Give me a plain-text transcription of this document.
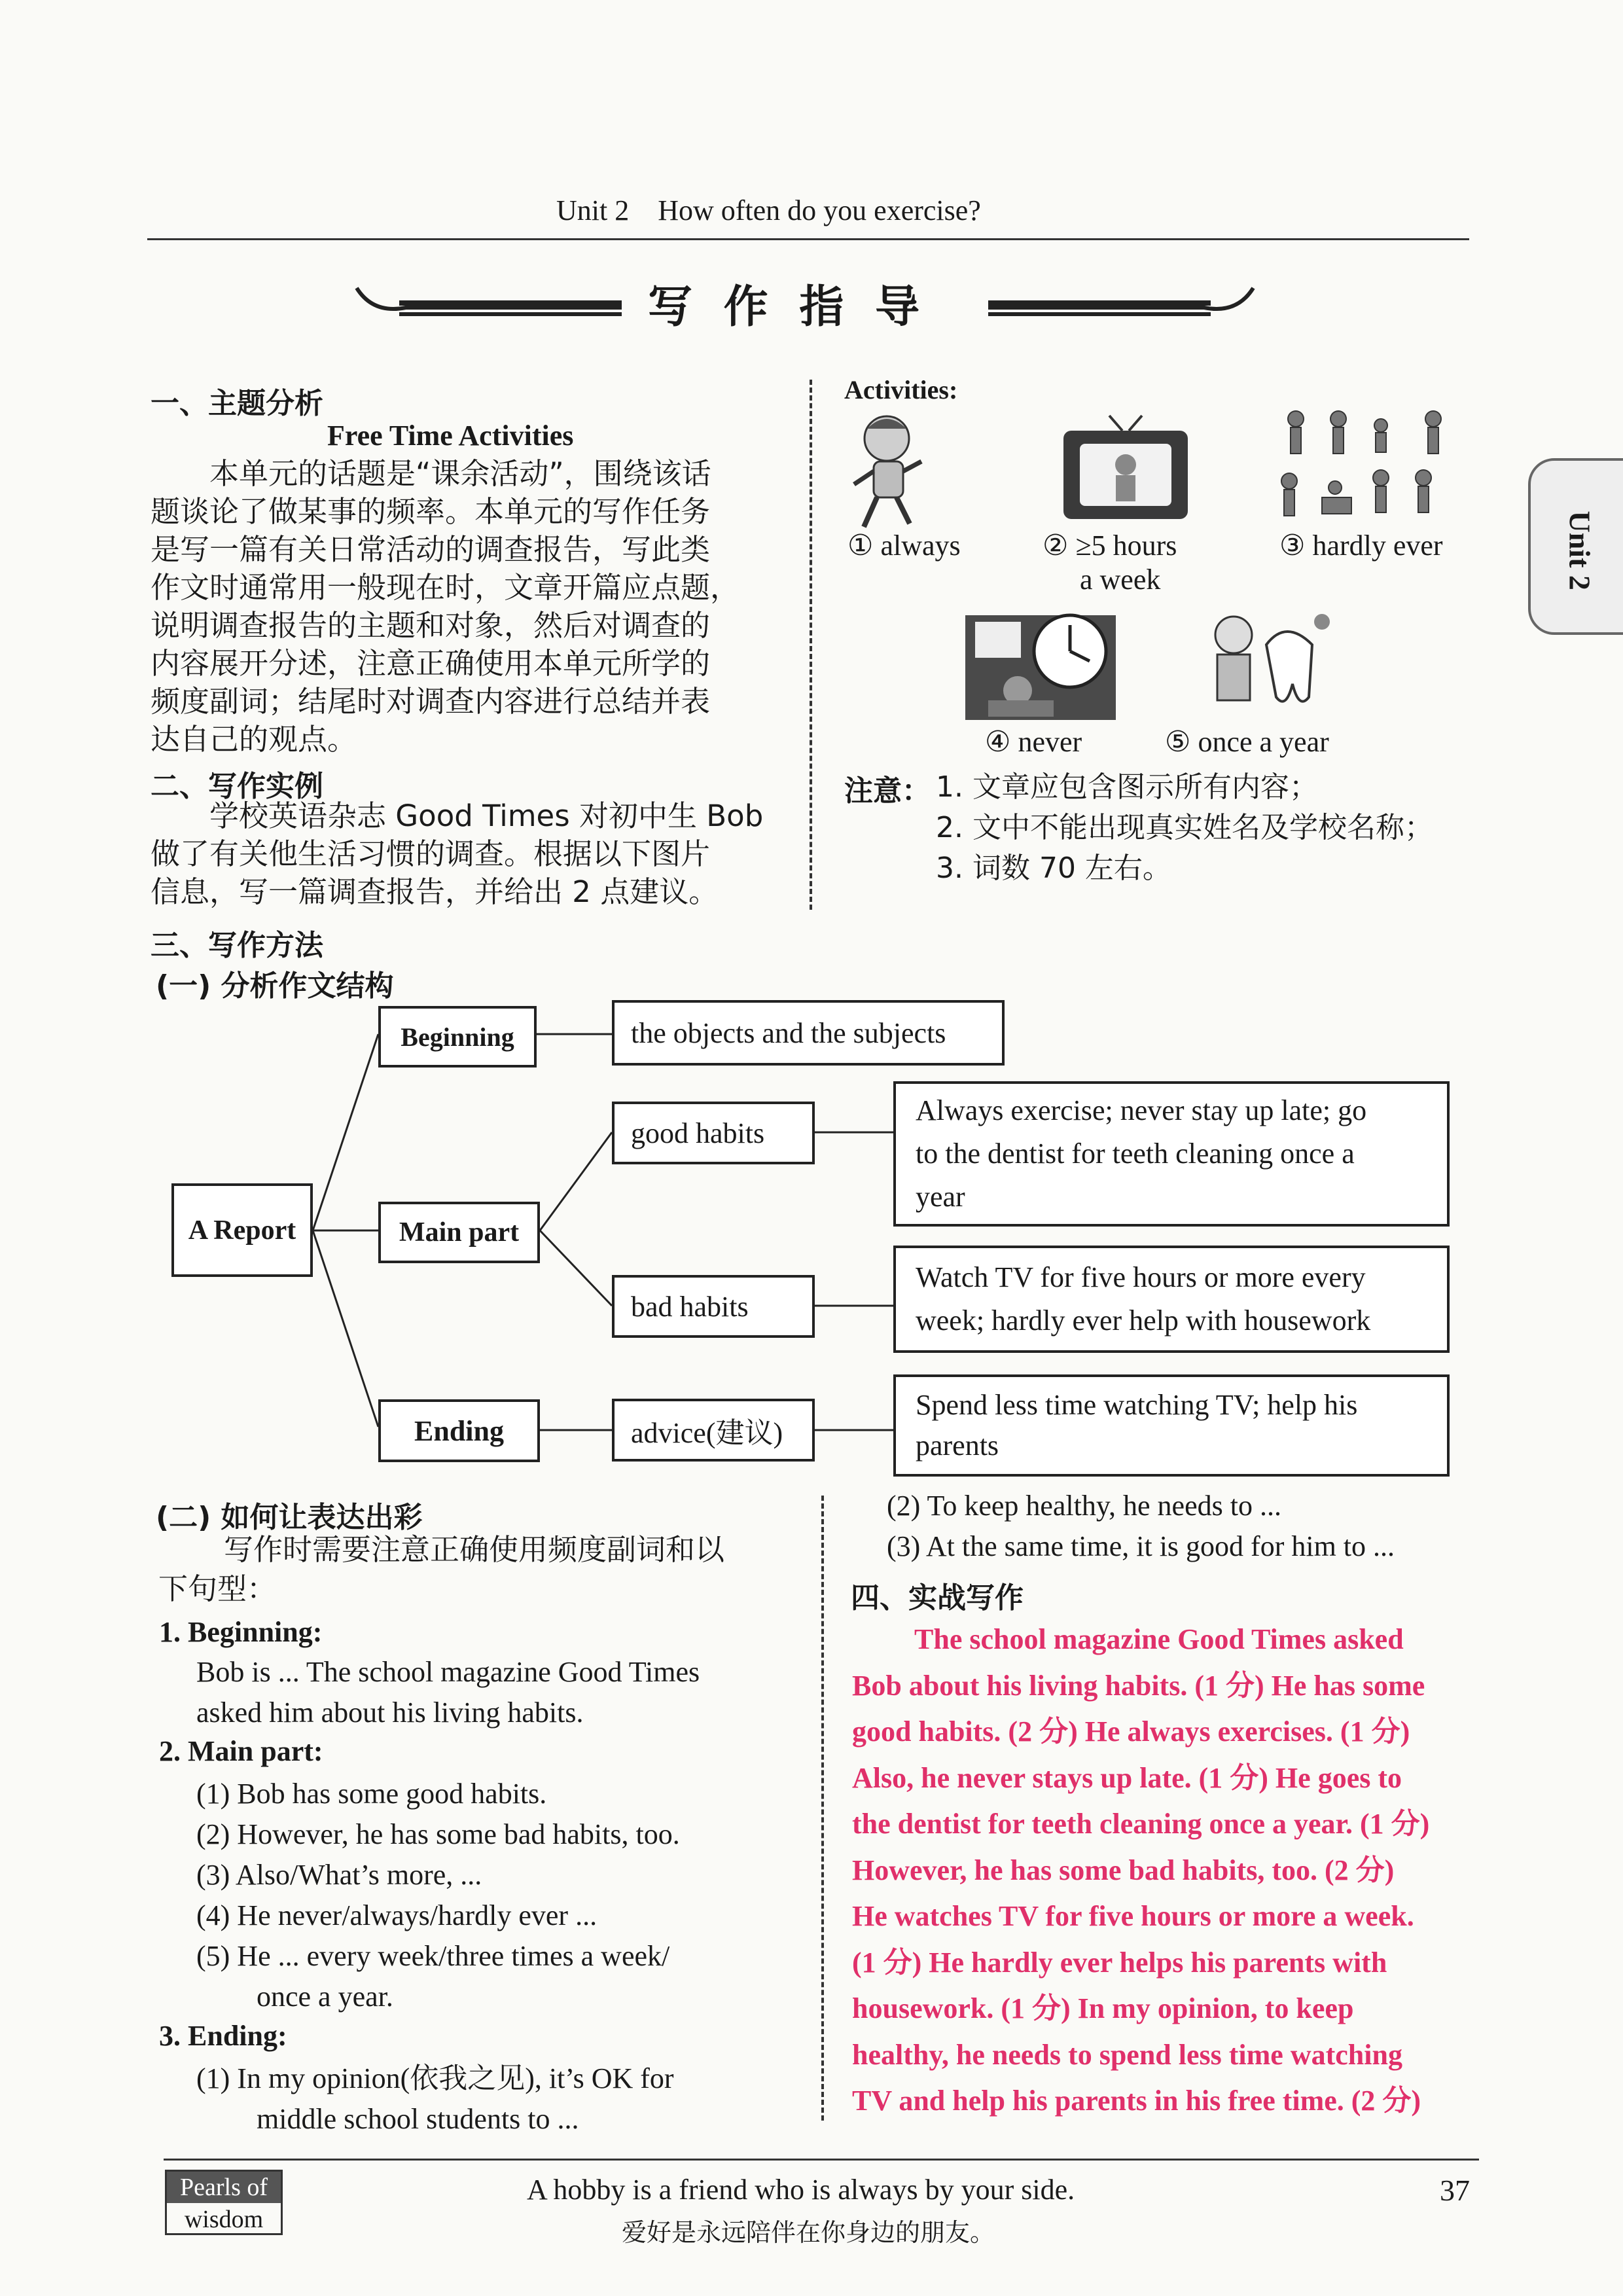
Unit 2    How often do you exercise?
Unit 2
写 作 指 导
一、主题分析
Free Time Activities
本单元的话题是“课余活动”，围绕该话
题谈论了做某事的频率。本单元的写作任务
是写一篇有关日常活动的调查报告，写此类
作文时通常用一般现在时，文章开篇应点题，
说明调查报告的主题和对象，然后对调查的
内容展开分述，注意正确使用本单元所学的
频度副词；结尾时对调查内容进行总结并表
达自己的观点。
二、写作实例
学校英语杂志 Good Times 对初中生 Bob
做了有关他生活习惯的调查。根据以下图片
信息，写一篇调查报告，并给出 2 点建议。
Activities:
① always	② ≥5 hours
a week
③ hardly ever
④ never	⑤ once a year
注意： 1. 文章应包含图示所有内容；
2. 文中不能出现真实姓名及学校名称；
3. 词数 70 左右。
三、写作方法
(一) 分析作文结构
A Report
Beginning	the objects and the subjects
Main part
good habits
Always exercise; never stay up late; go
to the dentist for teeth cleaning once a
year
bad habits
Watch TV for five hours or more every
week; hardly ever help with housework
Ending	advice(建议)
Spend less time watching TV; help his
parents
(二) 如何让表达出彩
写作时需要注意正确使用频度副词和以
下句型：
1. Beginning:
Bob is ... The school magazine Good Times
asked him about his living habits.
2. Main part:
(1) Bob has some good habits.
(2) However, he has some bad habits, too.
(3) Also/What’s more, ...
(4) He never/always/hardly ever ...
(5) He ... every week/three times a week/
once a year.
3. Ending:
(1) In my opinion(依我之见), it’s OK for
middle school students to ...
(2) To keep healthy, he needs to ...
(3) At the same time, it is good for him to ...
四、实战写作
The school magazine Good Times asked
Bob about his living habits. (1 分) He has some
good habits. (2 分) He always exercises. (1 分)
Also, he never stays up late. (1 分) He goes to
the dentist for teeth cleaning once a year. (1 分)
However, he has some bad habits, too. (2 分)
He watches TV for five hours or more a week.
(1 分) He hardly ever helps his parents with
housework. (1 分) In my opinion, to keep
healthy, he needs to spend less time watching
TV and help his parents in his free time. (2 分)
Pearls of
wisdom
A hobby is a friend who is always by your side.
爱好是永远陪伴在你身边的朋友。
37
